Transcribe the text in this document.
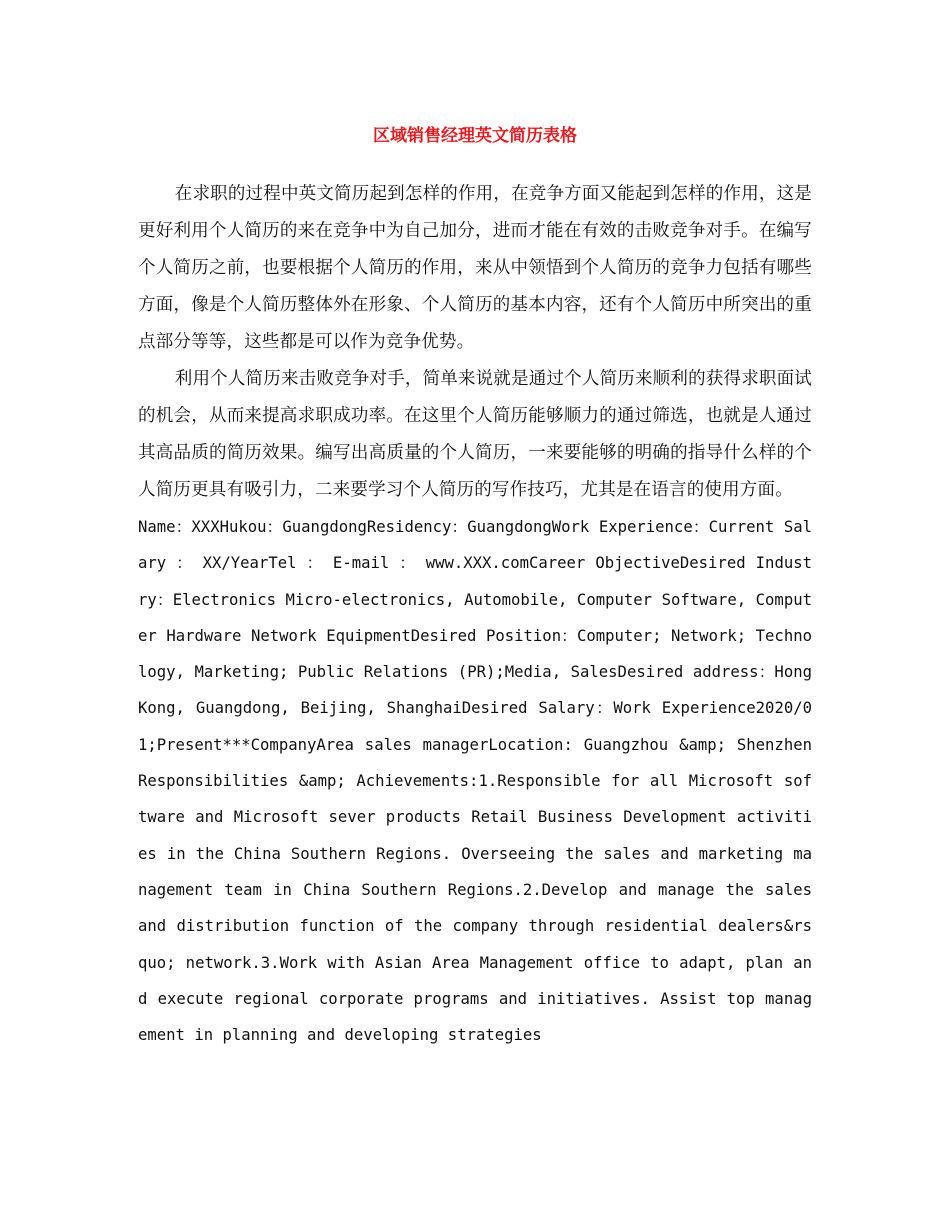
区域销售经理英文简历表格

在求职的过程中英文简历起到怎样的作用，在竞争方面又能起到怎样的作用，这是更好利用个人简历的来在竞争中为自己加分，进而才能在有效的击败竞争对手。在编写个人简历之前，也要根据个人简历的作用，来从中领悟到个人简历的竞争力包括有哪些方面，像是个人简历整体外在形象、个人简历的基本内容，还有个人简历中所突出的重点部分等等，这些都是可以作为竞争优势。

利用个人简历来击败竞争对手，简单来说就是通过个人简历来顺利的获得求职面试的机会，从而来提高求职成功率。在这里个人简历能够顺力的通过筛选，也就是人通过其高品质的简历效果。编写出高质量的个人简历，一来要能够的明确的指导什么样的个人简历更具有吸引力，二来要学习个人简历的写作技巧，尤其是在语言的使用方面。

Name：XXXHukou：GuangdongResidency：GuangdongWork Experience：Current Salary ： XX/YearTel ： E-mail ： www.XXX.comCareer ObjectiveDesired Industry：Electronics Micro-electronics, Automobile, Computer Software, Computer Hardware Network EquipmentDesired Position：Computer; Network; Technology, Marketing; Public Relations (PR);Media, SalesDesired address：Hong Kong, Guangdong, Beijing, ShanghaiDesired Salary：Work Experience2020/01;Present***CompanyArea sales managerLocation: Guangzhou &amp; ShenzhenResponsibilities &amp; Achievements:1.Responsible for all Microsoft software and Microsoft sever products Retail Business Development activities in the China Southern Regions. Overseeing the sales and marketing management team in China Southern Regions.2.Develop and manage the sales and distribution function of the company through residential dealers&rsquo; network.3.Work with Asian Area Management office to adapt, plan and execute regional corporate programs and initiatives. Assist top management in planning and developing strategies
